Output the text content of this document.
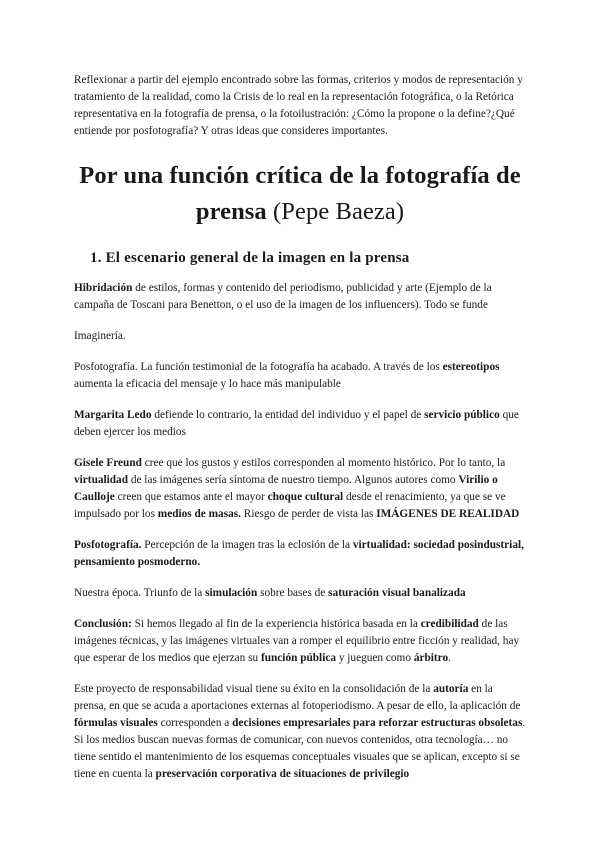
Reflexionar a partir del ejemplo encontrado sobre las formas, criterios y modos de representación y tratamiento de la realidad, como la Crisis de lo real en la representación fotográfica, o la Retórica representativa en la fotografía de prensa, o la fotoilustración: ¿Cómo la propone o la define?¿Qué entiende por posfotografía? Y otras ideas que consideres importantes.

Por una función crítica de la fotografía de prensa (Pepe Baeza)
1. El escenario general de la imagen en la prensa

Hibridación de estilos, formas y contenido del periodismo, publicidad y arte (Ejemplo de la campaña de Toscani para Benetton, o el uso de la imagen de los influencers). Todo se funde

Imaginería.

Posfotografía. La función testimonial de la fotografía ha acabado. A través de los estereotipos aumenta la eficacia del mensaje y lo hace más manipulable

Margarita Ledo defiende lo contrario, la entidad del individuo y el papel de servicio público que deben ejercer los medios

Gisele Freund cree que los gustos y estilos corresponden al momento histórico. Por lo tanto, la virtualidad de las imágenes sería síntoma de nuestro tiempo. Algunos autores como Virilio o Caulloje creen que estamos ante el mayor choque cultural desde el renacimiento, ya que se ve impulsado por los medios de masas. Riesgo de perder de vista las IMÁGENES DE REALIDAD

Posfotografía. Percepción de la imagen tras la eclosión de la virtualidad: sociedad posindustrial, pensamiento posmoderno.

Nuestra época. Triunfo de la simulación sobre bases de saturación visual banalizada

Conclusión: Si hemos llegado al fin de la experiencia histórica basada en la credibilidad de las imágenes técnicas, y las imágenes virtuales van a romper el equilibrio entre ficción y realidad, hay que esperar de los medios que ejerzan su función pública y jueguen como árbitro.

Este proyecto de responsabilidad visual tiene su éxito en la consolidación de la autoría en la prensa, en que se acuda a aportaciones externas al fotoperiodismo. A pesar de ello, la aplicación de fórmulas visuales corresponden a decisiones empresariales para reforzar estructuras obsoletas. Si los medios buscan nuevas formas de comunicar, con nuevos contenidos, otra tecnología… no tiene sentido el mantenimiento de los esquemas conceptuales visuales que se aplican, excepto si se tiene en cuenta la preservación corporativa de situaciones de privilegio
